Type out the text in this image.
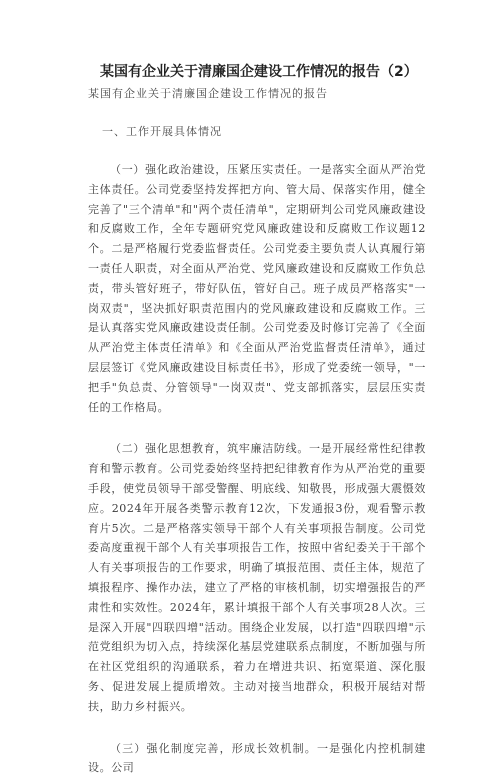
某国有企业关于清廉国企建设工作情况的报告（2）
某国有企业关于清廉国企建设工作情况的报告
一、工作开展具体情况

（一）强化政治建设，压紧压实责任。一是落实全面从严治党主体责任。公司党委坚持发挥把方向、管大局、保落实作用，健全完善了"三个清单"和"两个责任清单"，定期研判公司党风廉政建设和反腐败工作，全年专题研究党风廉政建设和反腐败工作议题12个。二是严格履行党委监督责任。公司党委主要负责人认真履行第一责任人职责，对全面从严治党、党风廉政建设和反腐败工作负总责，带头管好班子，带好队伍，管好自己。班子成员严格落实"一岗双责"，坚决抓好职责范围内的党风廉政建设和反腐败工作。三是认真落实党风廉政建设责任制。公司党委及时修订完善了《全面从严治党主体责任清单》和《全面从严治党监督责任清单》，通过层层签订《党风廉政建设目标责任书》，形成了党委统一领导，"一把手"负总责、分管领导"一岗双责"、党支部抓落实，层层压实责任的工作格局。

（二）强化思想教育，筑牢廉洁防线。一是开展经常性纪律教育和警示教育。公司党委始终坚持把纪律教育作为从严治党的重要手段，使党员领导干部受警醒、明底线、知敬畏，形成强大震慑效应。2024年开展各类警示教育12次，下发通报3份，观看警示教育片5次。二是严格落实领导干部个人有关事项报告制度。公司党委高度重视干部个人有关事项报告工作，按照中省纪委关于干部个人有关事项报告的工作要求，明确了填报范围、责任主体，规范了填报程序、操作办法，建立了严格的审核机制，切实增强报告的严肃性和实效性。2024年，累计填报干部个人有关事项28人次。三是深入开展"四联四增"活动。围绕企业发展，以打造"四联四增"示范党组织为切入点，持续深化基层党建联系点制度，不断加强与所在社区党组织的沟通联系，着力在增进共识、拓宽渠道、深化服务、促进发展上提质增效。主动对接当地群众，积极开展结对帮扶，助力乡村振兴。

（三）强化制度完善，形成长效机制。一是强化内控机制建设。公司
